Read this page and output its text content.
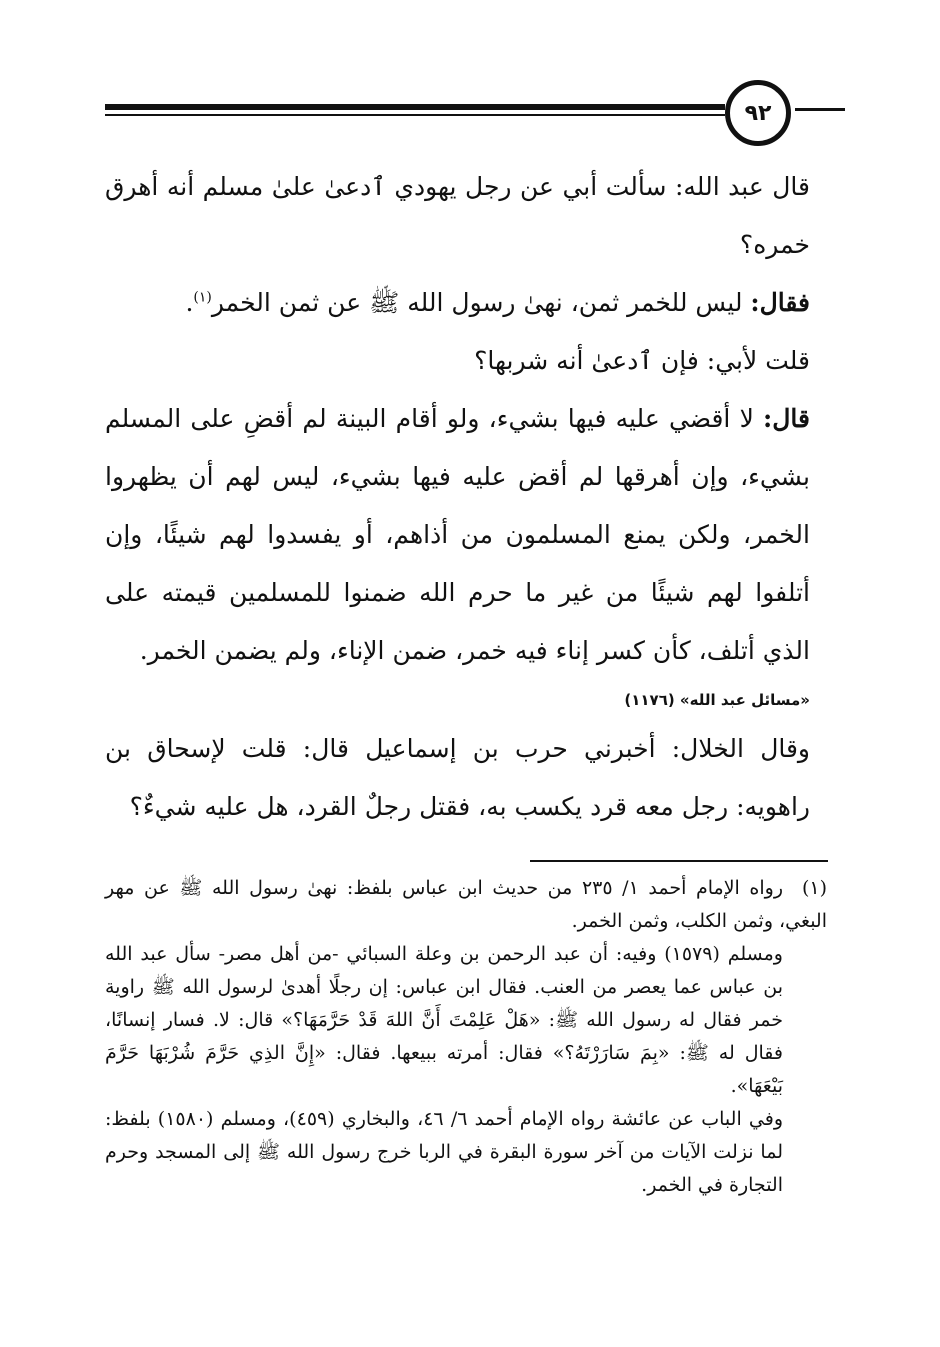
٩٢

قال عبد الله: سألت أبي عن رجل يهودي ٱدعىٰ علىٰ مسلم أنه أهرق خمره؟

فقال: ليس للخمر ثمن، نهىٰ رسول الله ﷺ عن ثمن الخمر$^{(١)}$.

قلت لأبي: فإن ٱدعىٰ أنه شربها؟

قال: لا أقضي عليه فيها بشيء، ولو أقام البينة لم أقضِ على المسلم بشيء، وإن أهرقها لم أقض عليه فيها بشيء، ليس لهم أن يظهروا الخمر، ولكن يمنع المسلمون من أذاهم، أو يفسدوا لهم شيئًا، وإن أتلفوا لهم شيئًا من غير ما حرم الله ضمنوا للمسلمين قيمته على الذي أتلف، كأن كسر إناء فيه خمر، ضمن الإناء، ولم يضمن الخمر.

«مسائل عبد الله» (١١٧٦)

وقال الخلال: أخبرني حرب بن إسماعيل قال: قلت لإسحاق بن راهويه: رجل معه قرد يكسب به، فقتل رجلٌ القرد، هل عليه شيءٌ؟

(١)رواه الإمام أحمد ١/ ٢٣٥ من حديث ابن عباس بلفظ: نهىٰ رسول الله ﷺ عن مهر البغي، وثمن الكلب، وثمن الخمر.

ومسلم (١٥٧٩) وفيه: أن عبد الرحمن بن وعلة السبائي -من أهل مصر- سأل عبد الله بن عباس عما يعصر من العنب. فقال ابن عباس: إن رجلًا أهدىٰ لرسول الله ﷺ راوية خمر فقال له رسول الله ﷺ: «هَلْ عَلِمْتَ أَنَّ اللهَ قَدْ حَرَّمَهَا؟» قال: لا. فسار إنسانًا، فقال له ﷺ: «بِمَ سَارَرْتَهُ؟» فقال: أمرته ببيعها. فقال: «إِنَّ الذِي حَرَّمَ شُرْبَهَا حَرَّمَ بَيْعَهَا».

وفي الباب عن عائشة رواه الإمام أحمد ٦/ ٤٦، والبخاري (٤٥٩)، ومسلم (١٥٨٠) بلفظ: لما نزلت الآيات من آخر سورة البقرة في الربا خرج رسول الله ﷺ إلى المسجد وحرم التجارة في الخمر.
